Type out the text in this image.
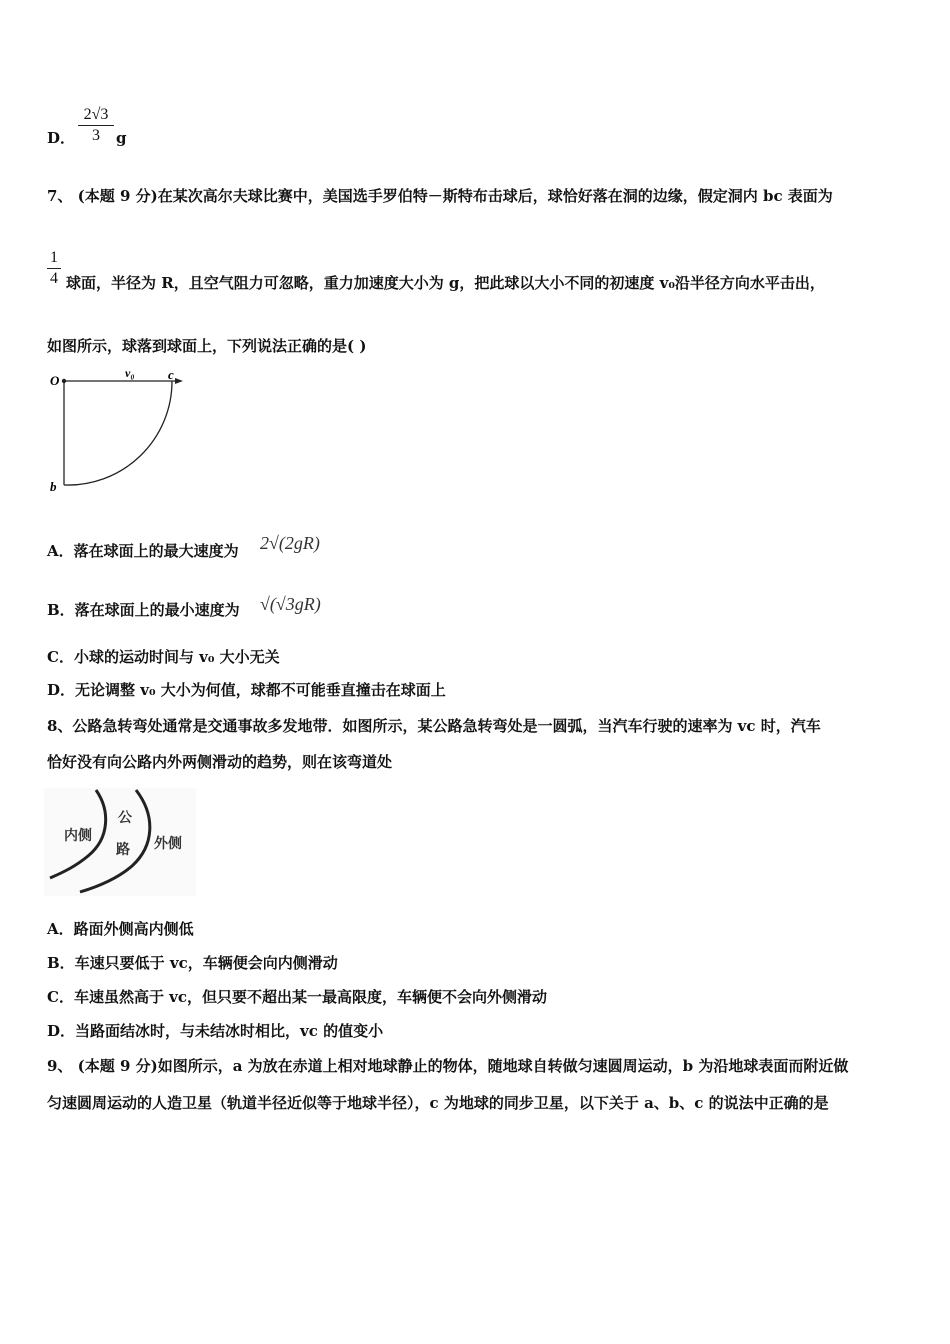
D．
2√3
3	g
7、 (本题 9 分)在某次高尔夫球比赛中，美国选手罗伯特－斯特布击球后，球恰好落在洞的边缘，假定洞内 bc 表面为
1
4 球面，半径为 R，且空气阻力可忽略，重力加速度大小为 g，把此球以大小不同的初速度 v₀沿半径方向水平击出，
如图所示，球落到球面上，下列说法正确的是( )
O	v₀	c
b
A．落在球面上的最大速度为 2√(2gR)
B．落在球面上的最小速度为 √(√3gR)
C．小球的运动时间与 v₀ 大小无关
D．无论调整 v₀ 大小为何值，球都不可能垂直撞击在球面上
8、公路急转弯处通常是交通事故多发地带．如图所示，某公路急转弯处是一圆弧，当汽车行驶的速率为 vc 时，汽车
恰好没有向公路内外两侧滑动的趋势，则在该弯道处
内侧
公
路 外侧
A．路面外侧高内侧低
B．车速只要低于 vc，车辆便会向内侧滑动
C．车速虽然高于 vc，但只要不超出某一最高限度，车辆便不会向外侧滑动
D．当路面结冰时，与未结冰时相比，vc 的值变小
9、 (本题 9 分)如图所示，a 为放在赤道上相对地球静止的物体，随地球自转做匀速圆周运动，b 为沿地球表面而附近做
匀速圆周运动的人造卫星（轨道半径近似等于地球半径），c 为地球的同步卫星，以下关于 a、b、c 的说法中正确的是
